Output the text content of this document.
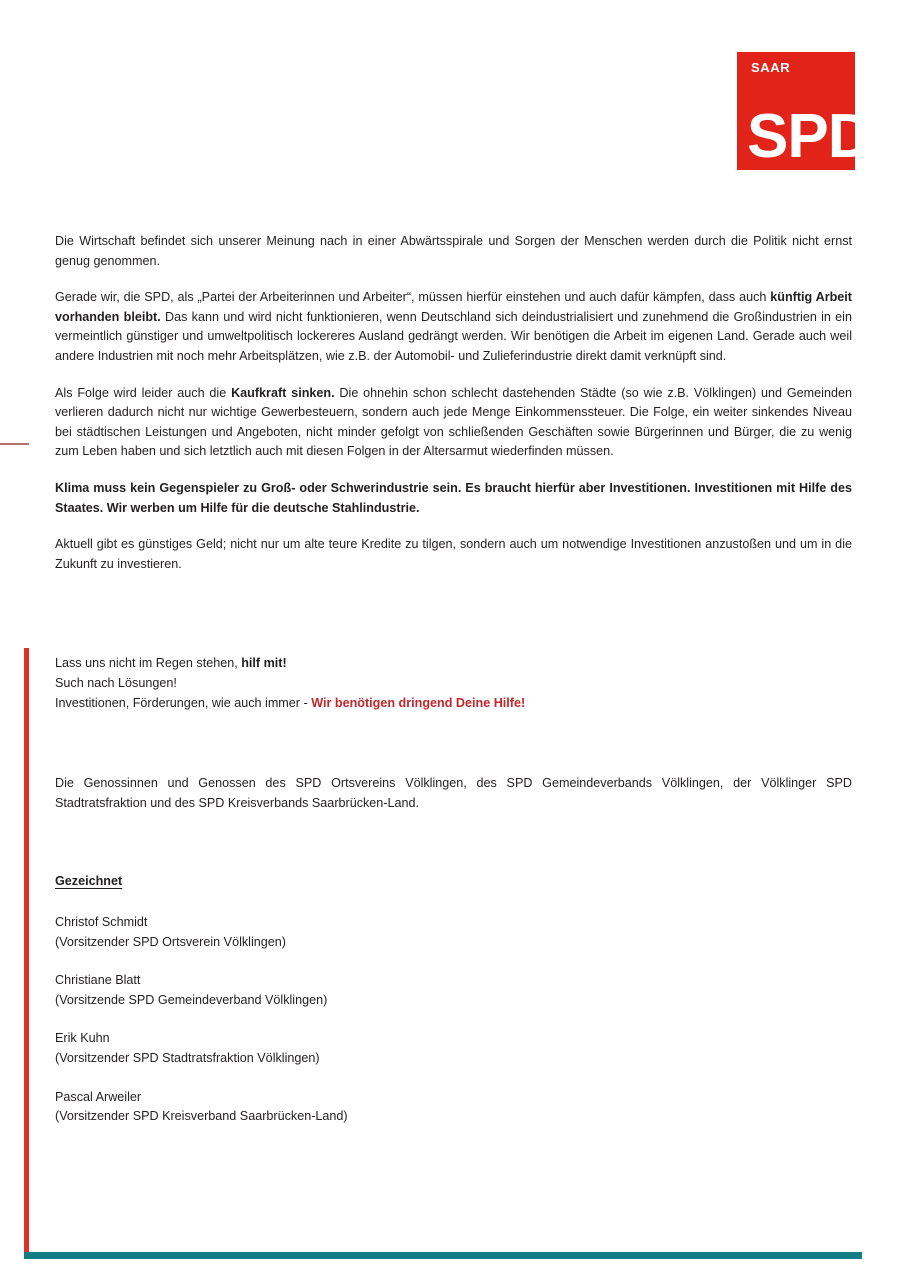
SAAR
SPD

Die Wirtschaft befindet sich unserer Meinung nach in einer Abwärtsspirale und Sorgen der Menschen werden durch die Politik nicht ernst genug genommen.

Gerade wir, die SPD, als „Partei der Arbeiterinnen und Arbeiter“, müssen hierfür einstehen und auch dafür kämpfen, dass auch künftig Arbeit vorhanden bleibt. Das kann und wird nicht funktionieren, wenn Deutschland sich deindustrialisiert und zunehmend die Großindustrien in ein vermeintlich günstiger und umweltpolitisch lockereres Ausland gedrängt werden. Wir benötigen die Arbeit im eigenen Land. Gerade auch weil andere Industrien mit noch mehr Arbeitsplätzen, wie z.B. der Automobil- und Zulieferindustrie direkt damit verknüpft sind.

Als Folge wird leider auch die Kaufkraft sinken. Die ohnehin schon schlecht dastehenden Städte (so wie z.B. Völklingen) und Gemeinden verlieren dadurch nicht nur wichtige Gewerbesteuern, sondern auch jede Menge Einkommenssteuer. Die Folge, ein weiter sinkendes Niveau bei städtischen Leistungen und Angeboten, nicht minder gefolgt von schließenden Geschäften sowie Bürgerinnen und Bürger, die zu wenig zum Leben haben und sich letztlich auch mit diesen Folgen in der Altersarmut wiederfinden müssen.

Klima muss kein Gegenspieler zu Groß- oder Schwerindustrie sein. Es braucht hierfür aber Investitionen. Investitionen mit Hilfe des Staates. Wir werben um Hilfe für die deutsche Stahlindustrie.

Aktuell gibt es günstiges Geld; nicht nur um alte teure Kredite zu tilgen, sondern auch um notwendige Investitionen anzustoßen und um in die Zukunft zu investieren.

Lass uns nicht im Regen stehen, hilf mit!
Such nach Lösungen!
Investitionen, Förderungen, wie auch immer - Wir benötigen dringend Deine Hilfe!
Die Genossinnen und Genossen des SPD Ortsvereins Völklingen, des SPD Gemeindeverbands Völklingen, der Völklinger SPD Stadtratsfraktion und des SPD Kreisverbands Saarbrücken-Land.
Gezeichnet
Christof Schmidt
(Vorsitzender SPD Ortsverein Völklingen)
Christiane Blatt
(Vorsitzende SPD Gemeindeverband Völklingen)
Erik Kuhn
(Vorsitzender SPD Stadtratsfraktion Völklingen)
Pascal Arweiler
(Vorsitzender SPD Kreisverband Saarbrücken-Land)
